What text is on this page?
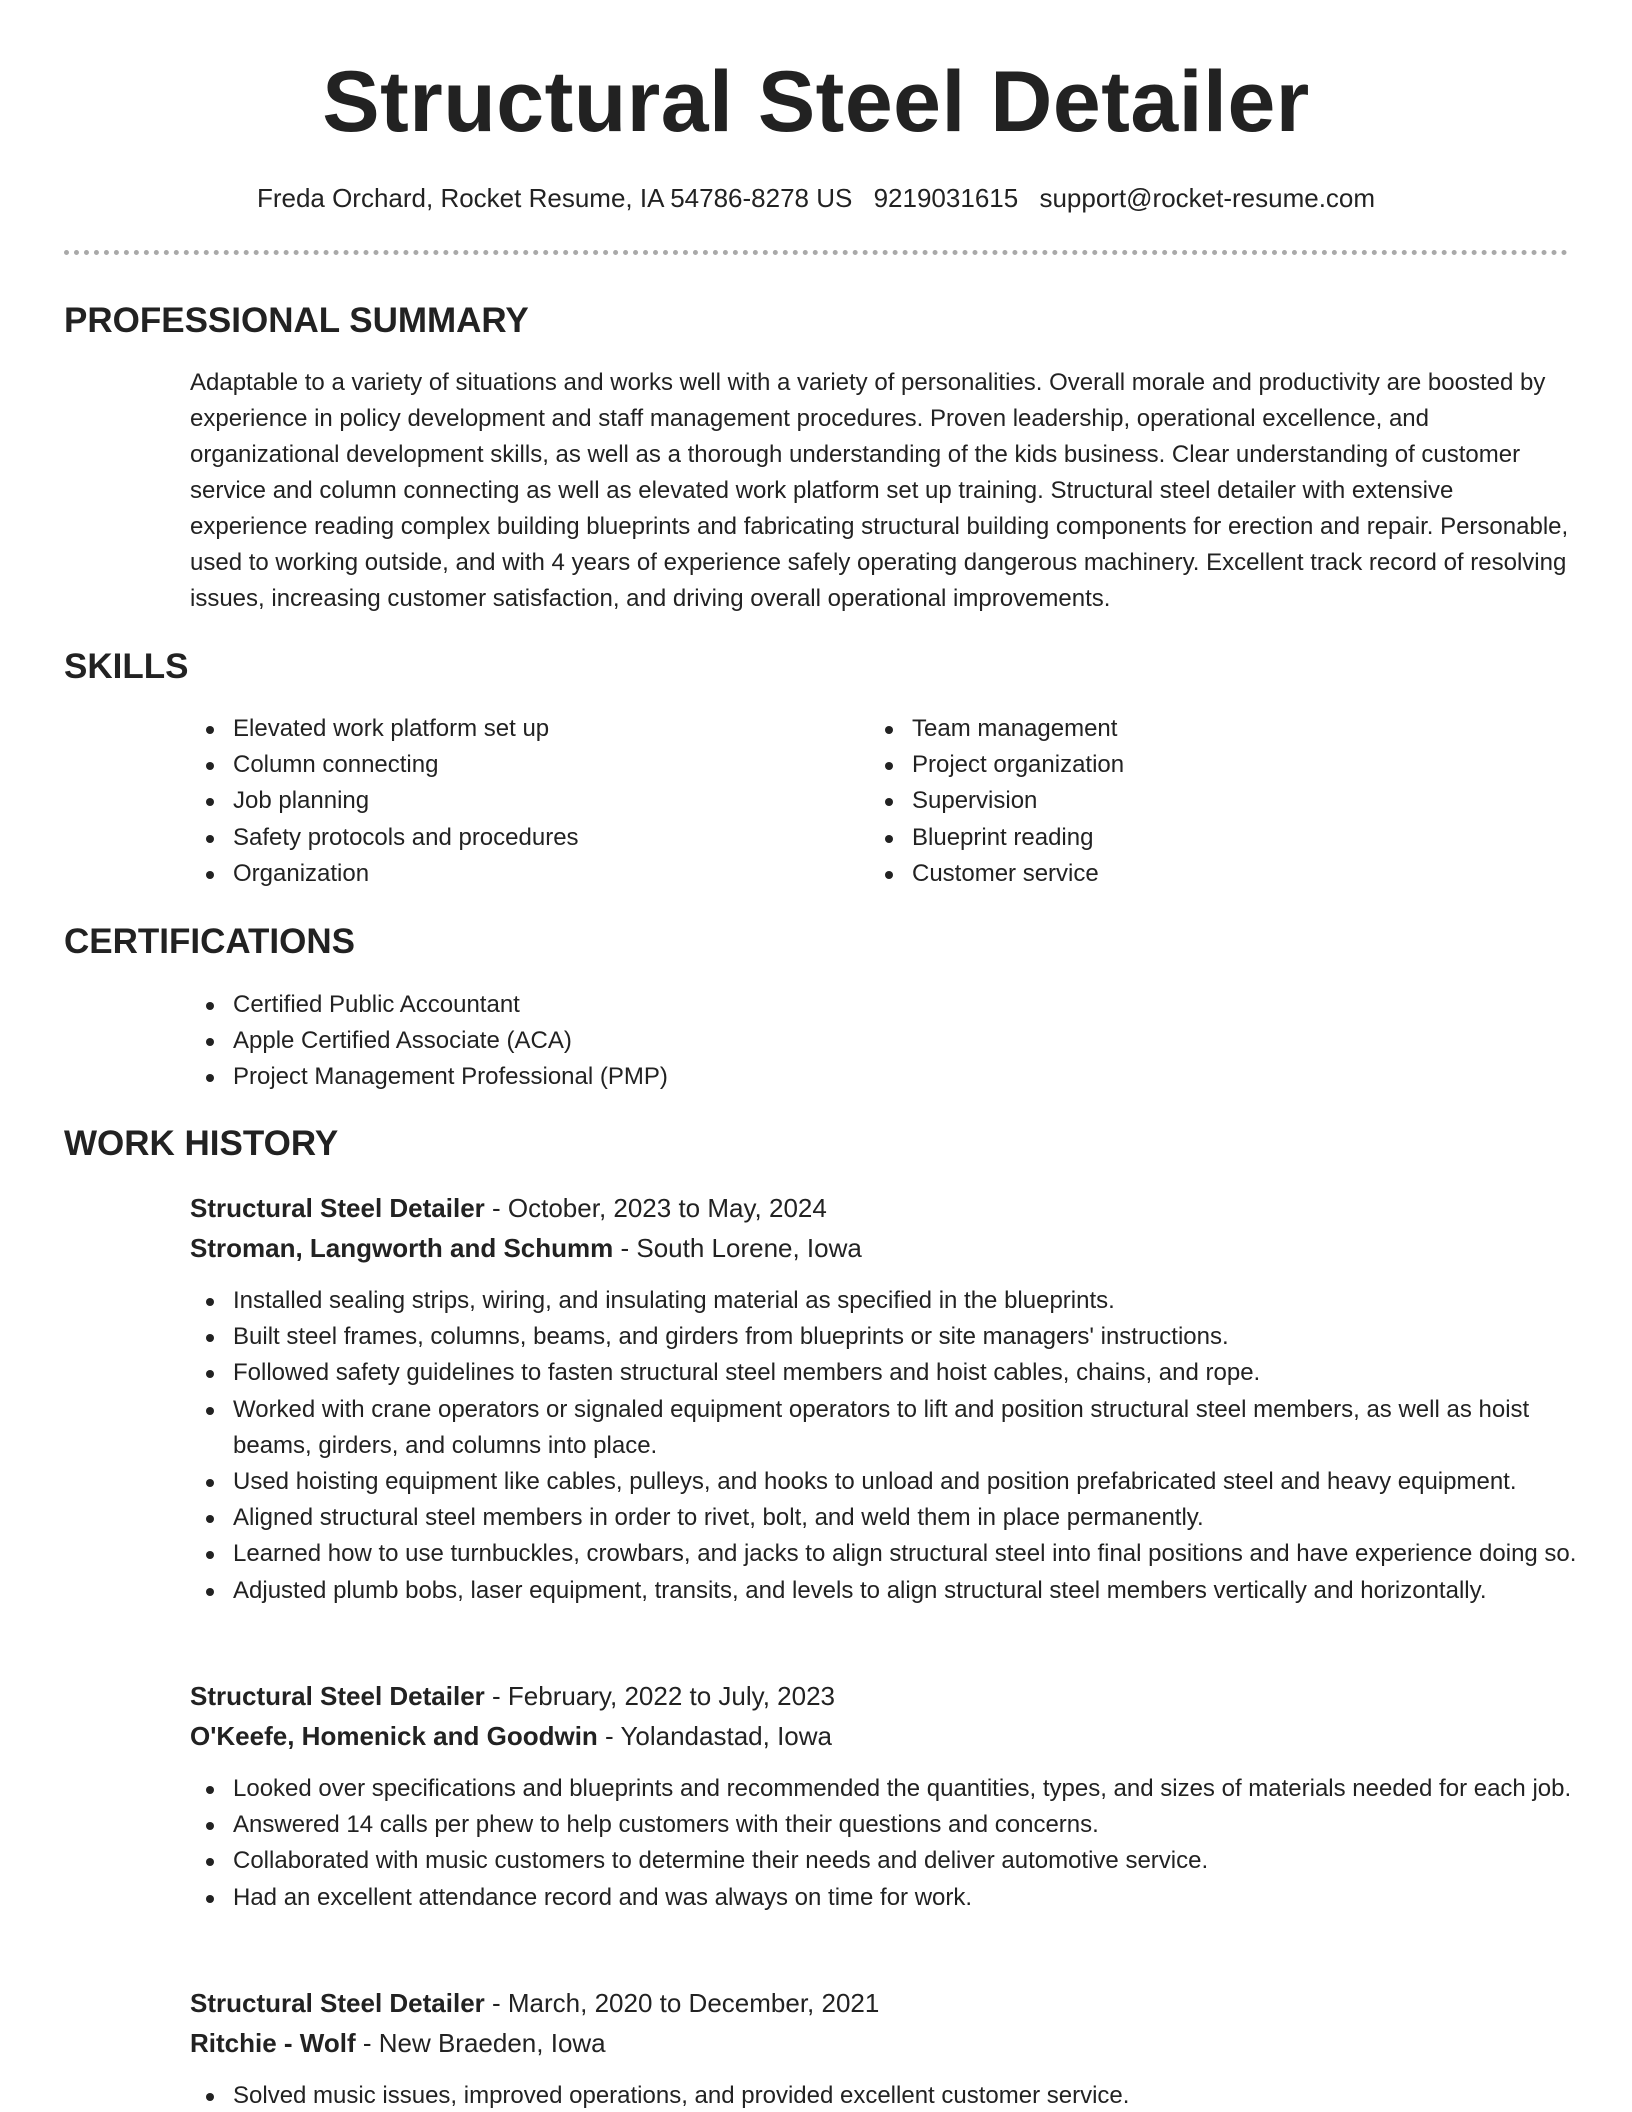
Structural Steel Detailer
Freda Orchard, Rocket Resume, IA 54786-8278 US 9219031615 support@rocket-resume.com
PROFESSIONAL SUMMARY

Adaptable to a variety of situations and works well with a variety of personalities. Overall morale and productivity are boosted by experience in policy development and staff management procedures. Proven leadership, operational excellence, and organizational development skills, as well as a thorough understanding of the kids business. Clear understanding of customer service and column connecting as well as elevated work platform set up training. Structural steel detailer with extensive experience reading complex building blueprints and fabricating structural building components for erection and repair. Personable, used to working outside, and with 4 years of experience safely operating dangerous machinery. Excellent track record of resolving issues, increasing customer satisfaction, and driving overall operational improvements.

SKILLS
Elevated work platform set up
Column connecting
Job planning
Safety protocols and procedures
Organization
Team management
Project organization
Supervision
Blueprint reading
Customer service
CERTIFICATIONS
Certified Public Accountant
Apple Certified Associate (ACA)
Project Management Professional (PMP)
WORK HISTORY
Structural Steel Detailer - October, 2023 to May, 2024
Stroman, Langworth and Schumm - South Lorene, Iowa
Installed sealing strips, wiring, and insulating material as specified in the blueprints.
Built steel frames, columns, beams, and girders from blueprints or site managers' instructions.
Followed safety guidelines to fasten structural steel members and hoist cables, chains, and rope.
Worked with crane operators or signaled equipment operators to lift and position structural steel members, as well as hoist beams, girders, and columns into place.
Used hoisting equipment like cables, pulleys, and hooks to unload and position prefabricated steel and heavy equipment.
Aligned structural steel members in order to rivet, bolt, and weld them in place permanently.
Learned how to use turnbuckles, crowbars, and jacks to align structural steel into final positions and have experience doing so.
Adjusted plumb bobs, laser equipment, transits, and levels to align structural steel members vertically and horizontally.
Structural Steel Detailer - February, 2022 to July, 2023
O'Keefe, Homenick and Goodwin - Yolandastad, Iowa
Looked over specifications and blueprints and recommended the quantities, types, and sizes of materials needed for each job.
Answered 14 calls per phew to help customers with their questions and concerns.
Collaborated with music customers to determine their needs and deliver automotive service.
Had an excellent attendance record and was always on time for work.
Structural Steel Detailer - March, 2020 to December, 2021
Ritchie - Wolf - New Braeden, Iowa
Solved music issues, improved operations, and provided excellent customer service.
